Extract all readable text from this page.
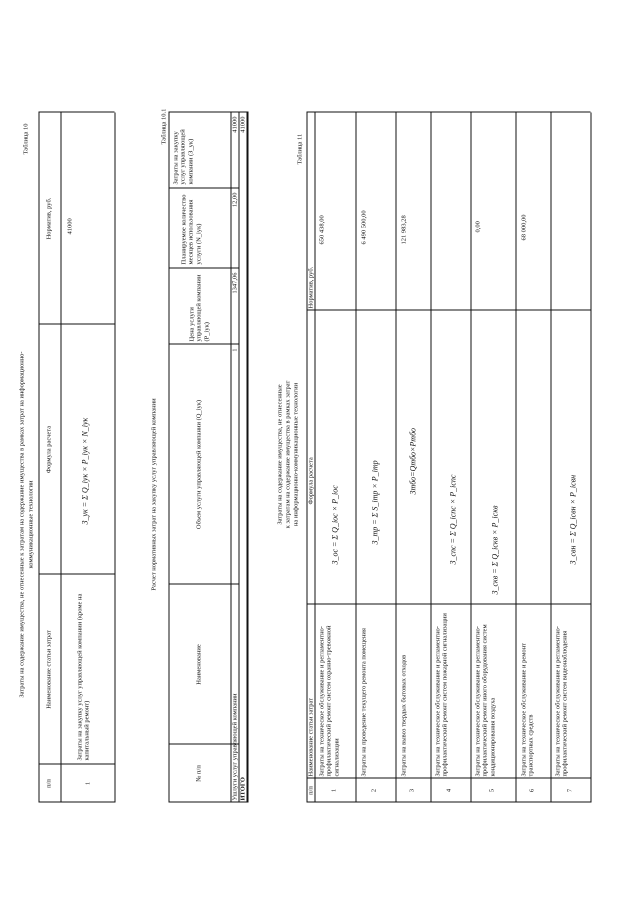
Затраты на содержание имущества, не отнесенные к затратам на содержание имущества в рамках затрат на информационно- коммуникационные технологии
Таблица 10
п/п
Наименование статьи затрат
Формула расчета
Норматив, руб.
1
Затраты на закупку услуг управляющей компании (кроме на капитальный ремонт)
З_ук = Σ Q_iук × P_iук × N_iук
41000
Расчет нормативных затрат на закупку услуг управляющей компании
Таблица 10.1
№ п/п
Наименование
Объем услуги управляющей компании (Q_iук)
Цена услуги управляющей компании (P_iук)
Планируемое количество месяцев использования услуги (N_iук)
Затраты на закупку услуг управляющей компании (З_ук)
Ушлуги услуг управляющей компании
1
1347,06
12,00
41000
ИТОГО
41000
Затраты на содержание имущества, не отнесенные к затратам на содержание имущества в рамках затрат на информационно-коммуникационные технологии
Таблица 11
п/п
Наименование статьи затрат
Формула расчета
Норматив, руб.
1
Затраты на техническое обслуживание и регламентно-профилактический ремонт систем охранно-тревожной сигнализации
З_ос = Σ Q_iос × P_iос
650 438,00
2
Затраты на проведение текущего ремонта помещения
З_тр = Σ S_iтр × P_iтр
6 490 500,00
3
Затраты на вывоз твердых бытовых отходов
Зтбо=Qтбо×Pтбо
121 983,28
4
Затраты на техническое обслуживание и регламентно-профилактический ремонт систем пожарной сигнализации
З_спс = Σ Q_iспс × P_iспс
5
Затраты на техническое обслуживание и регламентно-профилактический ремонт иного оборудования систем кондиционирования воздуха
З_скв = Σ Q_iскв × P_iскв
0,00
6
Затраты на техническое обслуживание и ремонт транспортных средств
68 000,00
7
Затраты на техническое обслуживание и регламентно-профилактический ремонт систем видеонаблюдения
З_свн = Σ Q_iсвн × P_iсвн
